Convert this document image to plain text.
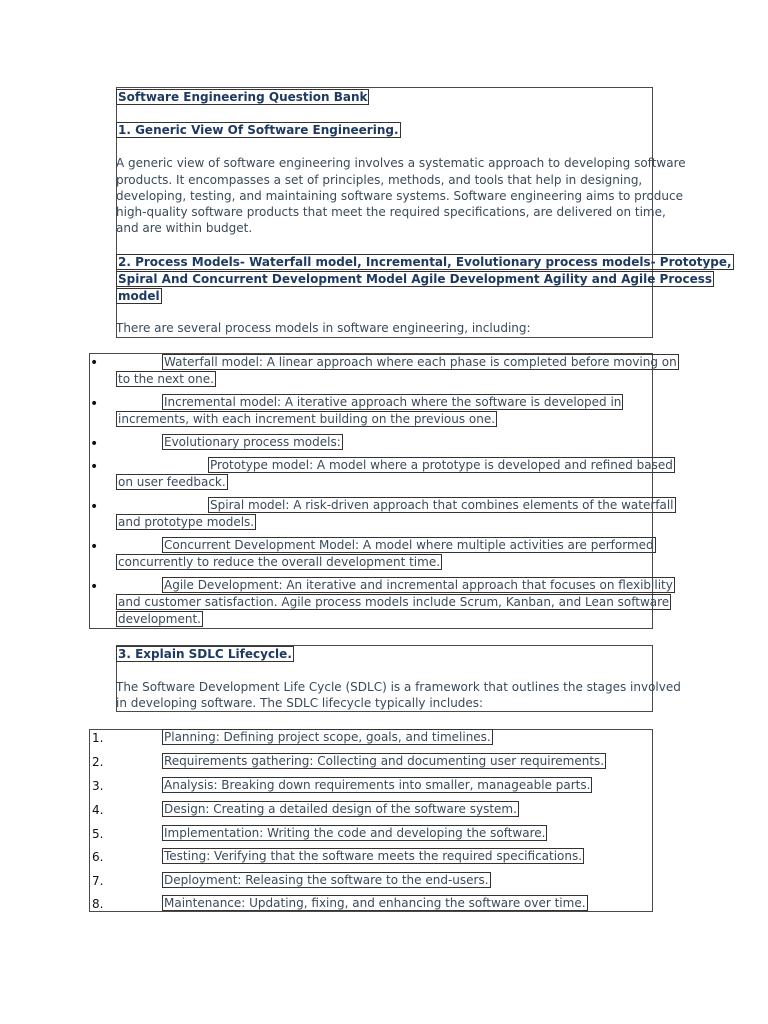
Software Engineering Question Bank
1. Generic View Of Software Engineering.
A generic view of software engineering involves a systematic approach to developing software
products. It encompasses a set of principles, methods, and tools that help in designing,
developing, testing, and maintaining software systems. Software engineering aims to produce
high-quality software products that meet the required specifications, are delivered on time,
and are within budget.
2. Process Models- Waterfall model, Incremental, Evolutionary process models- Prototype,
Spiral And Concurrent Development Model Agile Development Agility and Agile Process
model
There are several process models in software engineering, including:
•	Waterfall model: A linear approach where each phase is completed before moving on
to the next one.
•	Incremental model: A iterative approach where the software is developed in
increments, with each increment building on the previous one.
•	Evolutionary process models:
•	Prototype model: A model where a prototype is developed and refined based
on user feedback.
•	Spiral model: A risk-driven approach that combines elements of the waterfall
and prototype models.
•	Concurrent Development Model: A model where multiple activities are performed
concurrently to reduce the overall development time.
•	Agile Development: An iterative and incremental approach that focuses on flexibility
and customer satisfaction. Agile process models include Scrum, Kanban, and Lean software
development.
3. Explain SDLC Lifecycle.
The Software Development Life Cycle (SDLC) is a framework that outlines the stages involved
in developing software. The SDLC lifecycle typically includes:
1.	Planning: Defining project scope, goals, and timelines.
2.	Requirements gathering: Collecting and documenting user requirements.
3.	Analysis: Breaking down requirements into smaller, manageable parts.
4.	Design: Creating a detailed design of the software system.
5.	Implementation: Writing the code and developing the software.
6.	Testing: Verifying that the software meets the required specifications.
7.	Deployment: Releasing the software to the end-users.
8.	Maintenance: Updating, fixing, and enhancing the software over time.
